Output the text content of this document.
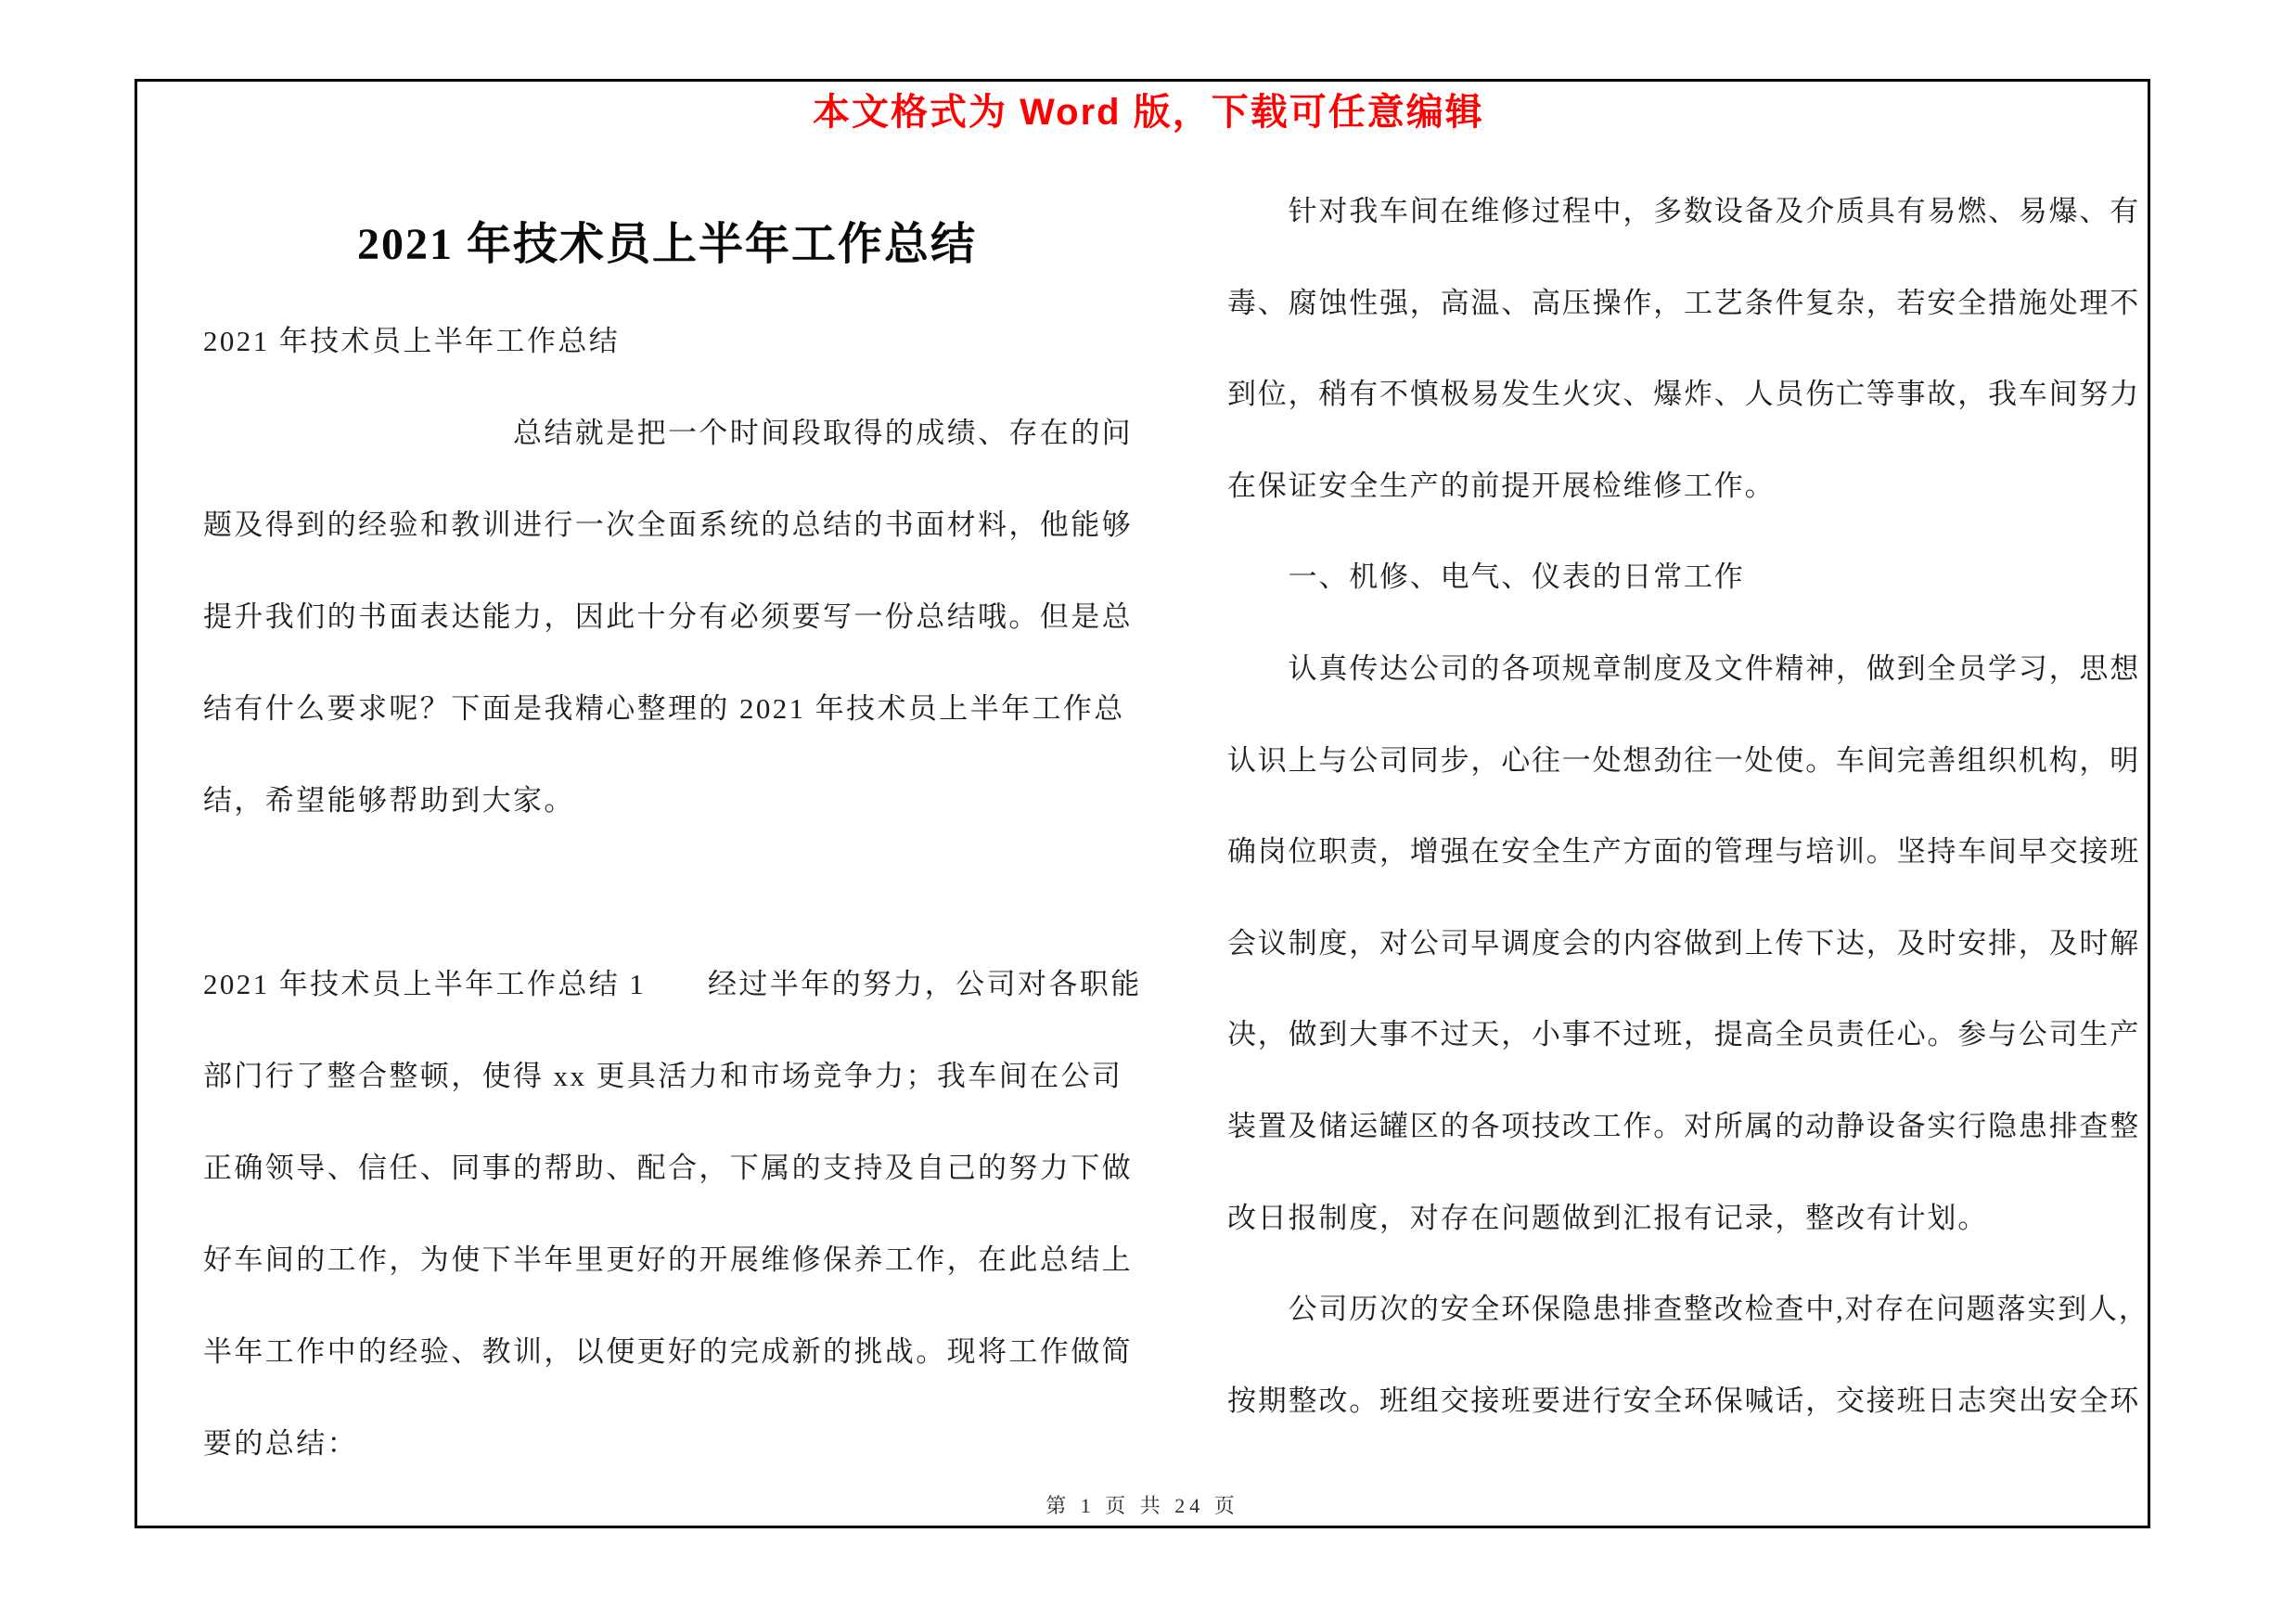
本文格式为 Word 版，下载可任意编辑
2021 年技术员上半年工作总结
2021 年技术员上半年工作总结
总结就是把一个时间段取得的成绩、存在的问
题及得到的经验和教训进行一次全面系统的总结的书面材料，他能够
提升我们的书面表达能力，因此十分有必须要写一份总结哦。但是总
结有什么要求呢？下面是我精心整理的 2021 年技术员上半年工作总
结，希望能够帮助到大家。
2021 年技术员上半年工作总结 1　　经过半年的努力，公司对各职能
部门行了整合整顿，使得 xx 更具活力和市场竞争力；我车间在公司
正确领导、信任、同事的帮助、配合，下属的支持及自己的努力下做
好车间的工作，为使下半年里更好的开展维修保养工作，在此总结上
半年工作中的经验、教训，以便更好的完成新的挑战。现将工作做简
要的总结：
针对我车间在维修过程中，多数设备及介质具有易燃、易爆、有
毒、腐蚀性强，高温、高压操作，工艺条件复杂，若安全措施处理不
到位，稍有不慎极易发生火灾、爆炸、人员伤亡等事故，我车间努力
在保证安全生产的前提开展检维修工作。
一、机修、电气、仪表的日常工作
认真传达公司的各项规章制度及文件精神，做到全员学习，思想
认识上与公司同步，心往一处想劲往一处使。车间完善组织机构，明
确岗位职责，增强在安全生产方面的管理与培训。坚持车间早交接班
会议制度，对公司早调度会的内容做到上传下达，及时安排，及时解
决，做到大事不过天，小事不过班，提高全员责任心。参与公司生产
装置及储运罐区的各项技改工作。对所属的动静设备实行隐患排查整
改日报制度，对存在问题做到汇报有记录，整改有计划。
公司历次的安全环保隐患排查整改检查中,对存在问题落实到人，
按期整改。班组交接班要进行安全环保喊话，交接班日志突出安全环
第 1 页 共 24 页
